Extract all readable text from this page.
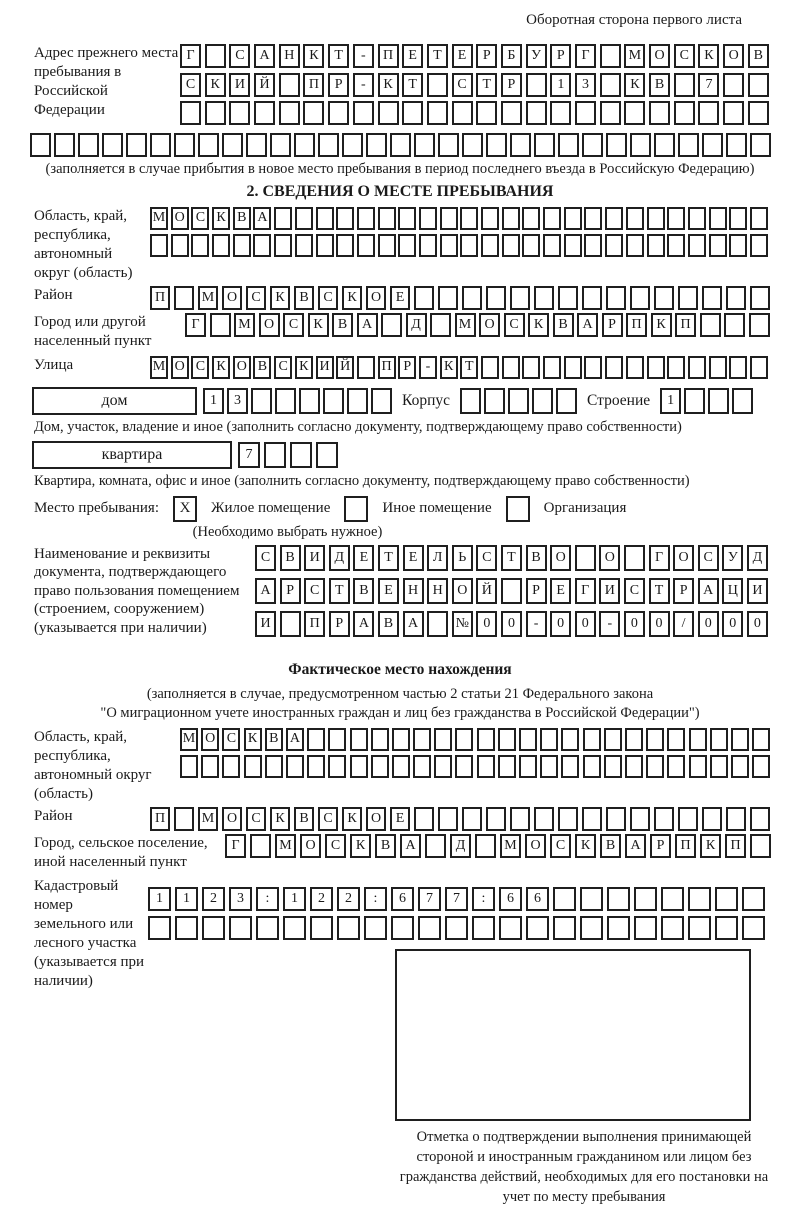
Оборотная сторона первого листа
Адрес прежнего места пребывания в Российской Федерации
Г	С	А	Н	К	Т	-	П	Е	Т	Е	Р	Б	У	Р	Г	М О	С	К	О	В
С	К	И	Й	П	Р	-	К	Т	С	Т	Р	1	3	К	В	7
(заполняется в случае прибытия в новое место пребывания в период последнего въезда в Российскую Федерацию)
2. СВЕДЕНИЯ О МЕСТЕ ПРЕБЫВАНИЯ
Область, край, республика, автономный округ (область)
М О С К В А
Район	П	М О	С	К	В	С	К	О	Е
Город или другой населенный пункт
Г	М О	С	К	В	А	Д	М О	С	К	В	А	Р	П	К	П
Улица	М О С К О В С К И Й П Р	- К Т
дом	1	3	Корпус	Строение	1
Дом, участок, владение и иное (заполнить согласно документу, подтверждающему право собственности)
квартира	7
Квартира, комната, офис и иное (заполнить согласно документу, подтверждающему право собственности)
Место пребывания:	X	Жилое помещение	Иное помещение	Организация
(Необходимо выбрать нужное)
Наименование и реквизиты документа, подтверждающего право пользования помещением (строением, сооружением) (указывается при наличии)
С	В	И	Д	Е	Т	Е	Л	Ь	С	Т	В	О	О	Г	О	С	У	Д
А	Р	С	Т	В	Е	Н	Н	О	Й	Р	Е	Г	И	С	Т	Р	А	Ц	И
И	П	Р	А	В	А	№	0	0	-	0	0	-	0	0	/	0	0	0
Фактическое место нахождения
(заполняется в случае, предусмотренном частью 2 статьи 21 Федерального закона
"О миграционном учете иностранных граждан и лиц без гражданства в Российской Федерации")
Область, край, республика, автономный округ (область)
М О С К В А
Район	П	М О	С	К	В	С	К	О	Е
Город, сельское поселение, иной населенный пункт
Г	М О	С	К	В	А	Д	М О	С	К	В	А	Р	П	К	П
Кадастровый номер земельного или лесного участка (указывается при наличии)
1	1	2	3	:	1	2	2	:	6	7	7	:	6	6
Отметка о подтверждении выполнения принимающей стороной и иностранным гражданином или лицом без гражданства действий, необходимых для его постановки на учет по месту пребывания
